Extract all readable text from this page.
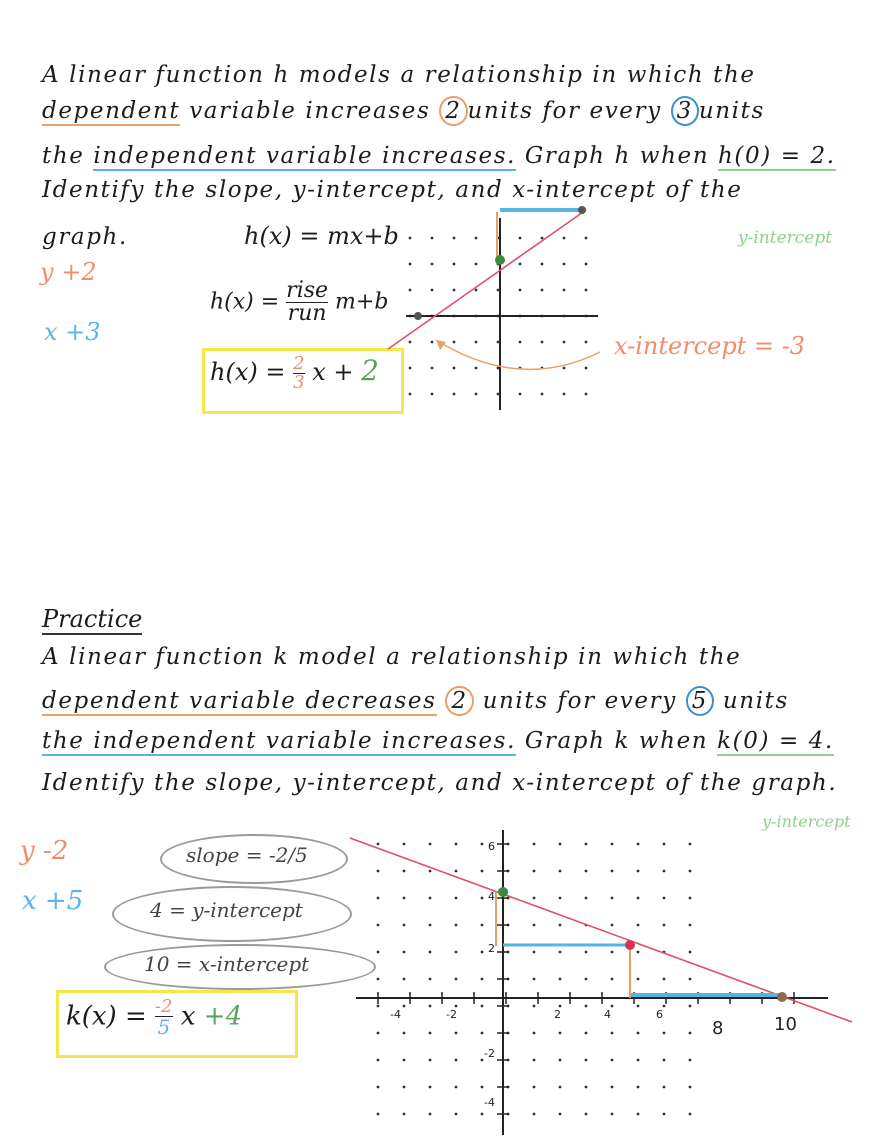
A linear function h models a relationship in which the
dependent variable increases 2 units for every 3 units
the independent variable increases. Graph h when h(0) = 2.
Identify the slope, y-intercept, and x-intercept of the
graph.
y +2
x +3
h(x) = mx+b
$h(x) = \frac{\text{rise}}{\text{run}} m+b$
$h(x) = \frac{2}{3}$ x + 2
y-intercept
x-intercept = -3
Practice
A linear function k model a relationship in which the
dependent variable decreases 2 units for every 5 units
the independent variable increases. Graph k when k(0) = 4.
Identify the slope, y-intercept, and x-intercept of the graph.
y-intercept
y -2
x +5
slope = -2/5
4 = y-intercept
10 = x-intercept
$k(x) = \frac{-2}{5}$ x +4
6
4
2
-2
-4
-4	-2	2	4	6
8	10
